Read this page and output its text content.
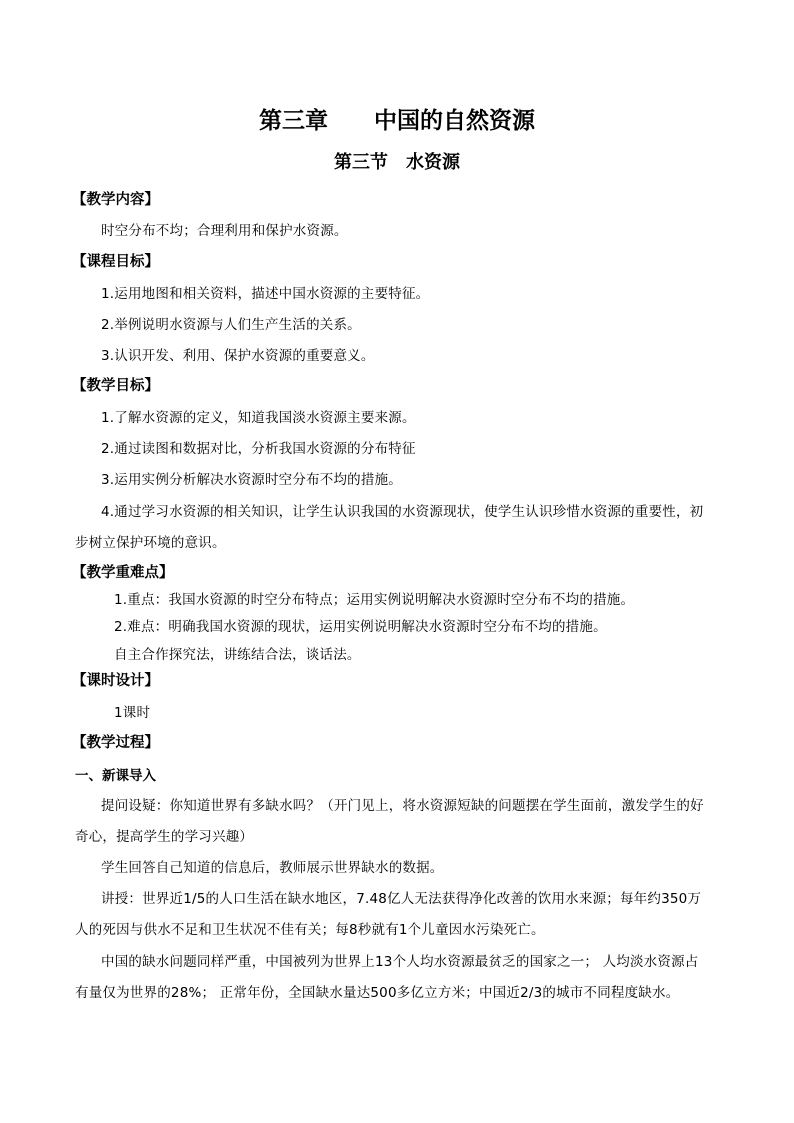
第三章　　中国的自然资源
第三节　水资源
【教学内容】
时空分布不均；合理利用和保护水资源。
【课程目标】
1.运用地图和相关资料，描述中国水资源的主要特征。
2.举例说明水资源与人们生产生活的关系。
3.认识开发、利用、保护水资源的重要意义。
【教学目标】
1.了解水资源的定义，知道我国淡水资源主要来源。
2.通过读图和数据对比，分析我国水资源的分布特征
3.运用实例分析解决水资源时空分布不均的措施。
4.通过学习水资源的相关知识，让学生认识我国的水资源现状，使学生认识珍惜水资源的重要性，初
步树立保护环境的意识。
【教学重难点】
1.重点：我国水资源的时空分布特点；运用实例说明解决水资源时空分布不均的措施。
2.难点：明确我国水资源的现状，运用实例说明解决水资源时空分布不均的措施。
自主合作探究法，讲练结合法，谈话法。
【课时设计】
1课时
【教学过程】
一、新课导入
提问设疑：你知道世界有多缺水吗？（开门见上，将水资源短缺的问题摆在学生面前，激发学生的好
奇心，提高学生的学习兴趣）
学生回答自己知道的信息后，教师展示世界缺水的数据。
讲授：世界近1/5的人口生活在缺水地区，7.48亿人无法获得净化改善的饮用水来源；每年约350万
人的死因与供水不足和卫生状况不佳有关；每8秒就有1个儿童因水污染死亡。
中国的缺水问题同样严重，中国被列为世界上13个人均水资源最贫乏的国家之一； 人均淡水资源占
有量仅为世界的28%； 正常年份，全国缺水量达500多亿立方米；中国近2/3的城市不同程度缺水。
